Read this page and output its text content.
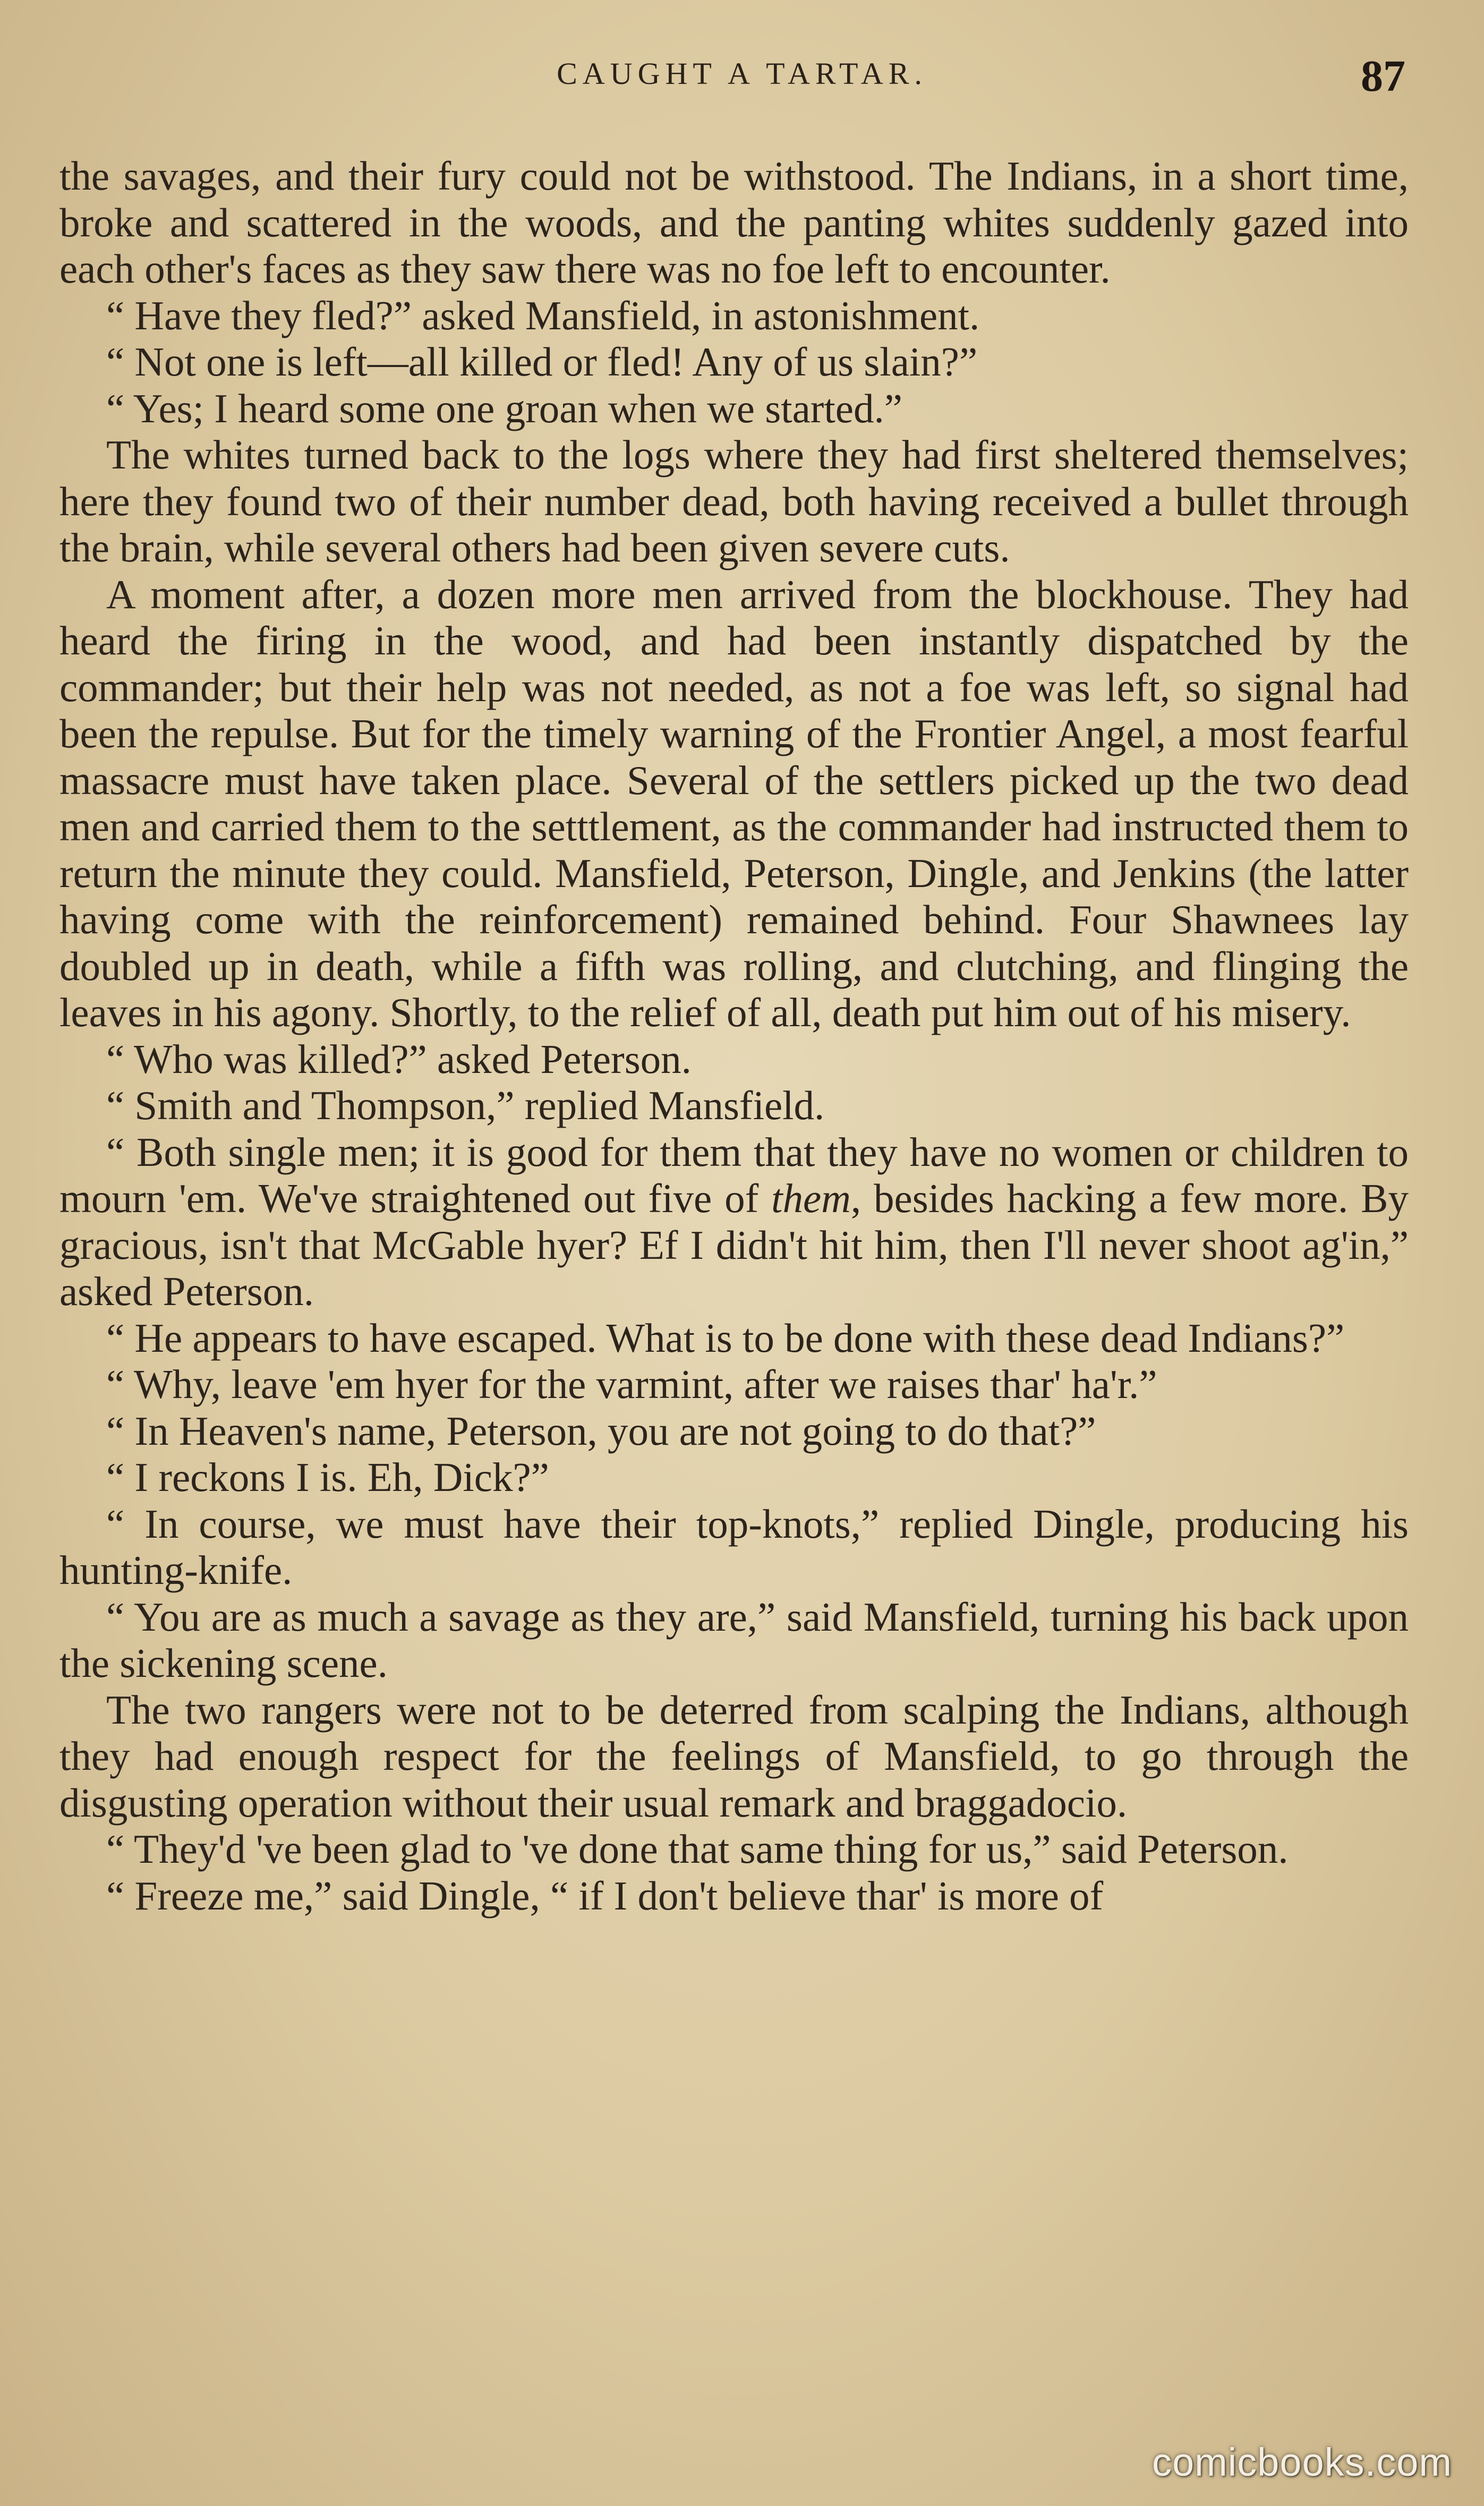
CAUGHT A TARTAR.	87

the savages, and their fury could not be withstood. The Indians, in a short time, broke and scattered in the woods, and the panting whites suddenly gazed into each other's faces as they saw there was no foe left to encounter.

“ Have they fled?” asked Mansfield, in astonishment.

“ Not one is left—all killed or fled! Any of us slain?”

“ Yes; I heard some one groan when we started.”

The whites turned back to the logs where they had first sheltered themselves; here they found two of their number dead, both having received a bullet through the brain, while several others had been given severe cuts.

A moment after, a dozen more men arrived from the blockhouse. They had heard the firing in the wood, and had been instantly dispatched by the commander; but their help was not needed, as not a foe was left, so signal had been the repulse. But for the timely warning of the Frontier Angel, a most fearful massacre must have taken place. Several of the settlers picked up the two dead men and carried them to the setttlement, as the commander had instructed them to return the minute they could. Mansfield, Peterson, Dingle, and Jenkins (the latter having come with the reinforcement) remained behind. Four Shawnees lay doubled up in death, while a fifth was rolling, and clutching, and flinging the leaves in his agony. Shortly, to the relief of all, death put him out of his misery.

“ Who was killed?” asked Peterson.

“ Smith and Thompson,” replied Mansfield.

“ Both single men; it is good for them that they have no women or children to mourn 'em. We've straightened out five of them, besides hacking a few more. By gracious, isn't that McGable hyer? Ef I didn't hit him, then I'll never shoot ag'in,” asked Peterson.

“ He appears to have escaped. What is to be done with these dead Indians?”

“ Why, leave 'em hyer for the varmint, after we raises thar' ha'r.”

“ In Heaven's name, Peterson, you are not going to do that?”

“ I reckons I is. Eh, Dick?”

“ In course, we must have their top-knots,” replied Dingle, producing his hunting-knife.

“ You are as much a savage as they are,” said Mansfield, turning his back upon the sickening scene.

The two rangers were not to be deterred from scalping the Indians, although they had enough respect for the feelings of Mansfield, to go through the disgusting operation without their usual remark and braggadocio.

“ They'd 've been glad to 've done that same thing for us,” said Peterson.

“ Freeze me,” said Dingle, “ if I don't believe thar' is more of

comicbooks.com
